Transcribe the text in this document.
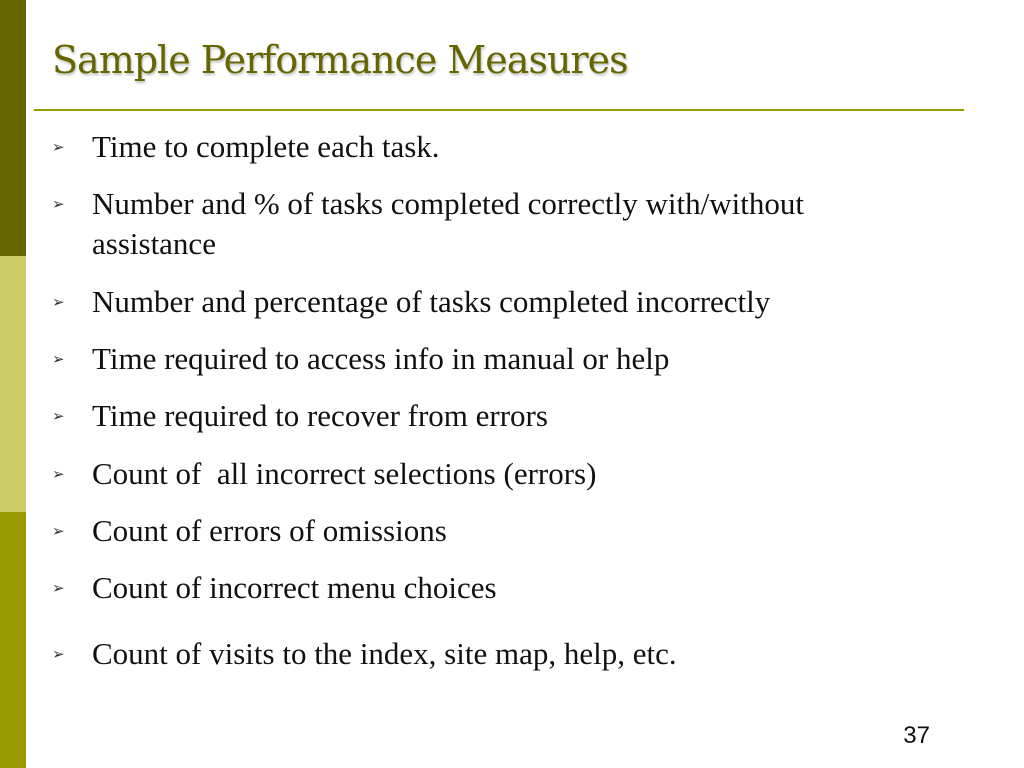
Sample Performance Measures
➢ Time to complete each task.
➢ Number and % of tasks completed correctly with/without assistance
➢ Number and percentage of tasks completed incorrectly
➢ Time required to access info in manual or help
➢ Time required to recover from errors
➢ Count of  all incorrect selections (errors)
➢ Count of errors of omissions
➢ Count of incorrect menu choices
➢ Count of visits to the index, site map, help, etc.
37
